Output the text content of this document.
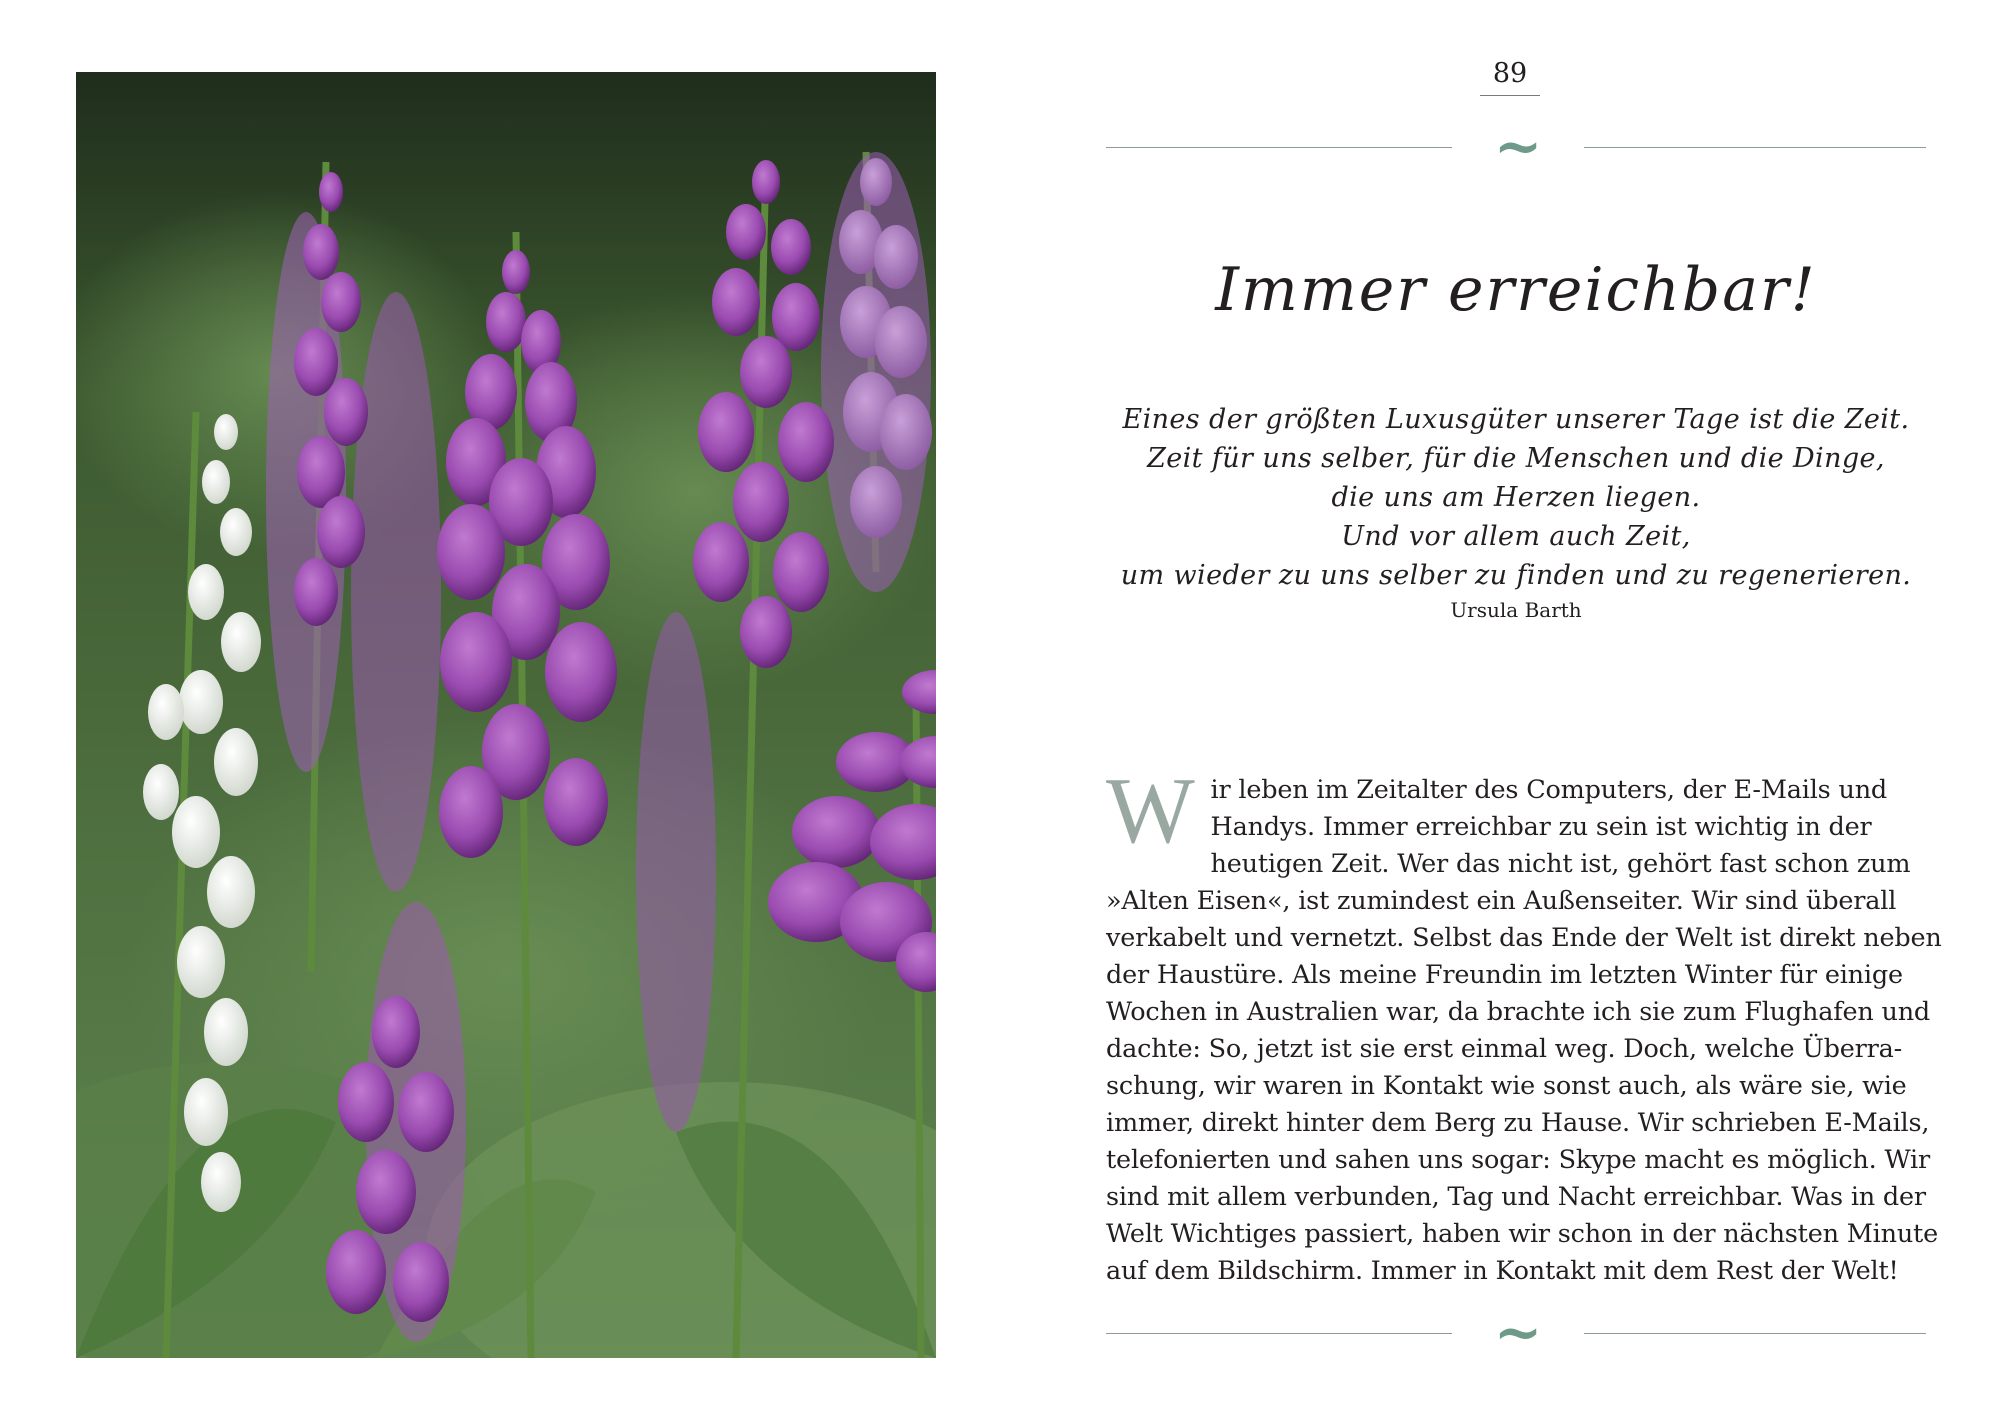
89
~
Immer erreichbar!
Eines der größten Luxusgüter unserer Tage ist die Zeit.
Zeit für uns selber, für die Menschen und die Dinge,
die uns am Herzen liegen.
Und vor allem auch Zeit,
um wieder zu uns selber zu finden und zu regenerieren.
Ursula Barth
W ir leben im Zeitalter des Computers, der E-Mails und
Handys. Immer erreichbar zu sein ist wichtig in der
heutigen Zeit. Wer das nicht ist, gehört fast schon zum
»Alten Eisen«, ist zumindest ein Außenseiter. Wir sind überall
verkabelt und vernetzt. Selbst das Ende der Welt ist direkt neben
der Haustüre. Als meine Freundin im letzten Winter für einige
Wochen in Australien war, da brachte ich sie zum Flughafen und
dachte: So, jetzt ist sie erst einmal weg. Doch, welche Überra-
schung, wir waren in Kontakt wie sonst auch, als wäre sie, wie
immer, direkt hinter dem Berg zu Hause. Wir schrieben E-Mails,
telefonierten und sahen uns sogar: Skype macht es möglich. Wir
sind mit allem verbunden, Tag und Nacht erreichbar. Was in der
Welt Wichtiges passiert, haben wir schon in der nächsten Minute
auf dem Bildschirm. Immer in Kontakt mit dem Rest der Welt!
~
